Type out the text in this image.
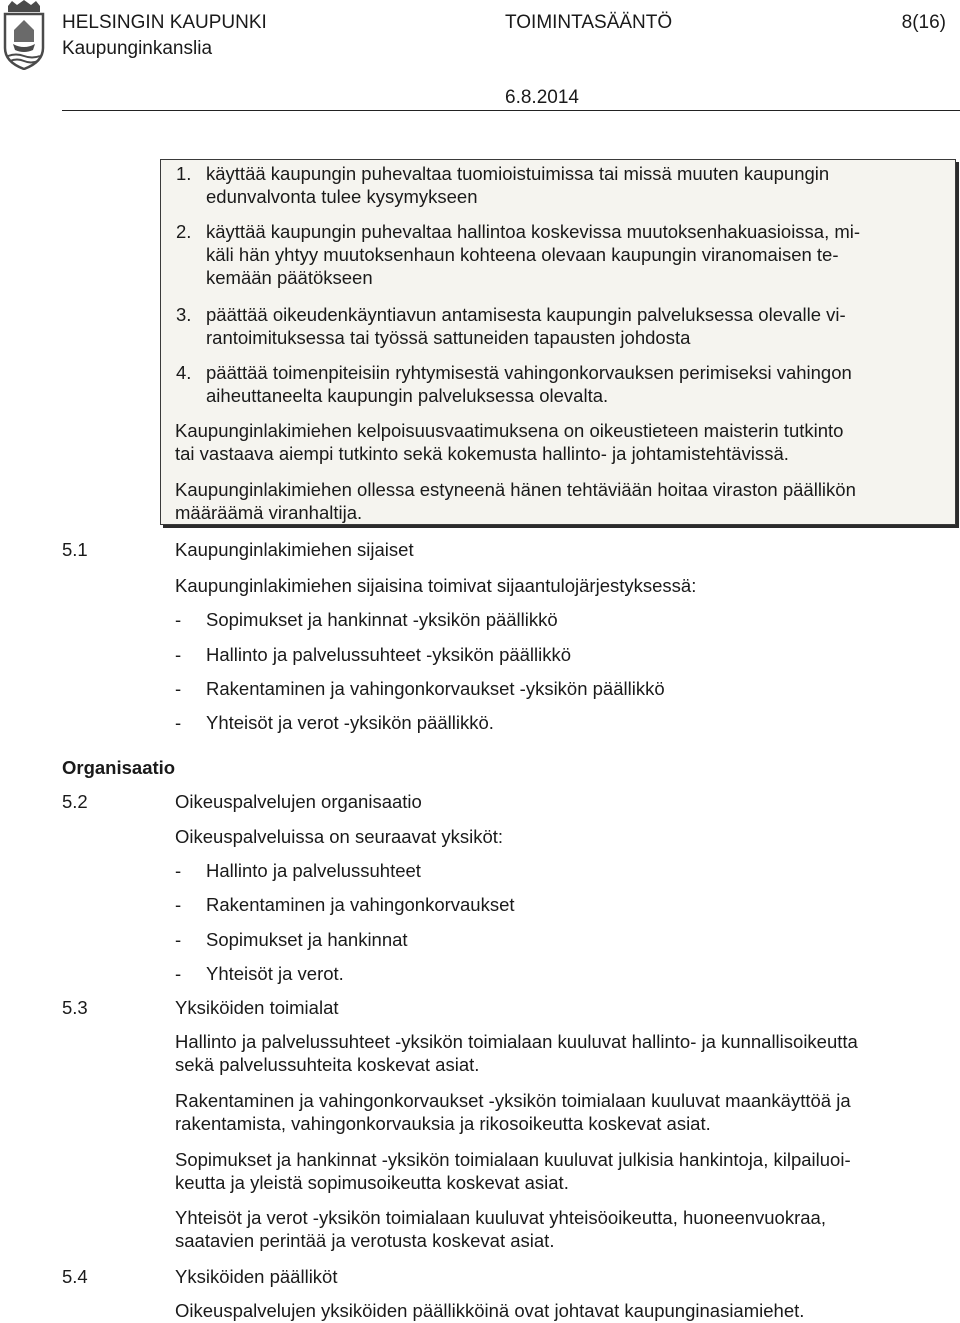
HELSINGIN KAUPUNKI
Kaupunginkanslia
TOIMINTASÄÄNTÖ	8(16)
6.8.2014
1. käyttää kaupungin puhevaltaa tuomioistuimissa tai missä muuten kaupungin
edunvalvonta tulee kysymykseen
2. käyttää kaupungin puhevaltaa hallintoa koskevissa muutoksenhakuasioissa, mi-
käli hän yhtyy muutoksenhaun kohteena olevaan kaupungin viranomaisen te-
kemään päätökseen
3. päättää oikeudenkäyntiavun antamisesta kaupungin palveluksessa olevalle vi-
rantoimituksessa tai työssä sattuneiden tapausten johdosta
4. päättää toimenpiteisiin ryhtymisestä vahingonkorvauksen perimiseksi vahingon
aiheuttaneelta kaupungin palveluksessa olevalta.
Kaupunginlakimiehen kelpoisuusvaatimuksena on oikeustieteen maisterin tutkinto
tai vastaava aiempi tutkinto sekä kokemusta hallinto- ja johtamistehtävissä.
Kaupunginlakimiehen ollessa estyneenä hänen tehtäviään hoitaa viraston päällikön
määräämä viranhaltija.
5.1	Kaupunginlakimiehen sijaiset
Kaupunginlakimiehen sijaisina toimivat sijaantulojärjestyksessä:
- Sopimukset ja hankinnat -yksikön päällikkö
- Hallinto ja palvelussuhteet -yksikön päällikkö
- Rakentaminen ja vahingonkorvaukset -yksikön päällikkö
- Yhteisöt ja verot -yksikön päällikkö.
Organisaatio
5.2	Oikeuspalvelujen organisaatio
Oikeuspalveluissa on seuraavat yksiköt:
- Hallinto ja palvelussuhteet
- Rakentaminen ja vahingonkorvaukset
- Sopimukset ja hankinnat
- Yhteisöt ja verot.
5.3	Yksiköiden toimialat
Hallinto ja palvelussuhteet -yksikön toimialaan kuuluvat hallinto- ja kunnallisoikeutta
sekä palvelussuhteita koskevat asiat.
Rakentaminen ja vahingonkorvaukset -yksikön toimialaan kuuluvat maankäyttöä ja
rakentamista, vahingonkorvauksia ja rikosoikeutta koskevat asiat.
Sopimukset ja hankinnat -yksikön toimialaan kuuluvat julkisia hankintoja, kilpailuoi-
keutta ja yleistä sopimusoikeutta koskevat asiat.
Yhteisöt ja verot -yksikön toimialaan kuuluvat yhteisöoikeutta, huoneenvuokraa,
saatavien perintää ja verotusta koskevat asiat.
5.4	Yksiköiden päälliköt
Oikeuspalvelujen yksiköiden päällikköinä ovat johtavat kaupunginasiamiehet.
